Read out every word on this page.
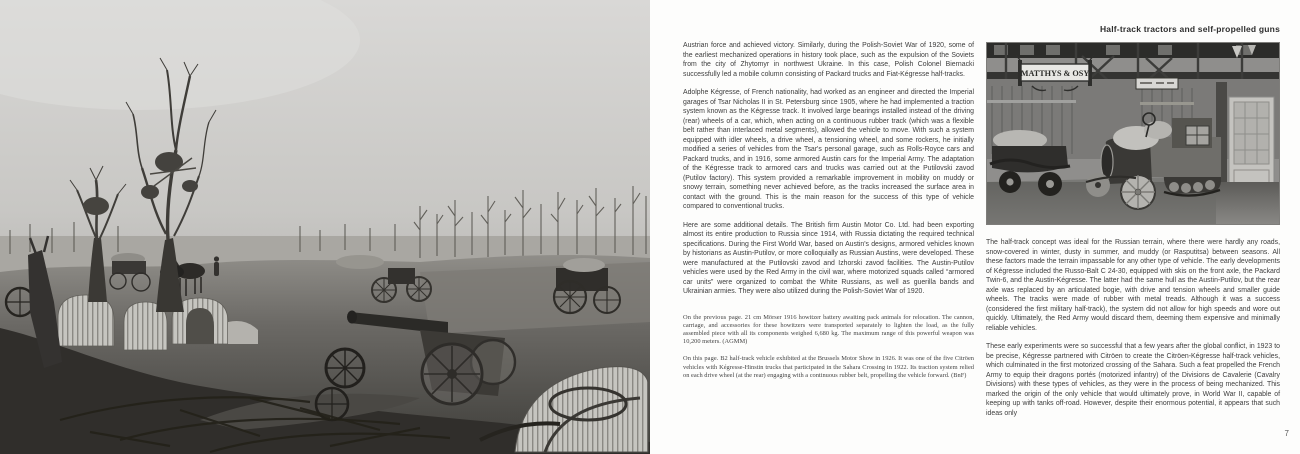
Half-track tractors and self-propelled guns

Austrian force and achieved victory. Similarly, during the Polish-Soviet War of 1920, some of the earliest mechanized operations in history took place, such as the expulsion of the Soviets from the city of Zhytomyr in northwest Ukraine. In this case, Polish Colonel Biernacki successfully led a mobile column consisting of Packard trucks and Fiat-Kégresse half-tracks.

Adolphe Kégresse, of French nationality, had worked as an engineer and directed the Imperial garages of Tsar Nicholas II in St. Petersburg since 1905, where he had implemented a traction system known as the Kégresse track. It involved large bearings installed instead of the driving (rear) wheels of a car, which, when acting on a continuous rubber track (which was a flexible belt rather than interlaced metal segments), allowed the vehicle to move. With such a system equipped with idler wheels, a drive wheel, a tensioning wheel, and some rockers, he initially modified a series of vehicles from the Tsar's personal garage, such as Rolls-Royce cars and Packard trucks, and in 1916, some armored Austin cars for the Imperial Army. The adaptation of the Kégresse track to armored cars and trucks was carried out at the Putilovski zavod (Putilov factory). This system provided a remarkable improvement in mobility on muddy or snowy terrain, something never achieved before, as the tracks increased the surface area in contact with the ground. This is the main reason for the success of this type of vehicle compared to conventional trucks.

Here are some additional details. The British firm Austin Motor Co. Ltd. had been exporting almost its entire production to Russia since 1914, with Russia dictating the required technical specifications. During the First World War, based on Austin's designs, armored vehicles known by historians as Austin-Putilov, or more colloquially as Russian Austins, were developed. These were manufactured at the Putilovski zavod and Izhorski zavod facilities. The Austin-Putilov vehicles were used by the Red Army in the civil war, where motorized squads called “armored car units” were organized to combat the White Russians, as well as guerilla bands and Ukrainian armies. They were also utilized during the Polish-Soviet War of 1920.

On the previous page. 21 cm Mörser 1916 howitzer battery awaiting pack animals for relocation. The cannon, carriage, and accessories for these howitzers were transported separately to lighten the load, as the fully assembled piece with all its components weighed 6,680 kg. The maximum range of this powerful weapon was 10,200 meters. (AGMM)

On this page. B2 half-track vehicle exhibited at the Brussels Motor Show in 1926. It was one of the five Citröen vehicles with Kégresse-Hinstin trucks that participated in the Sahara Crossing in 1922. Its traction system relied on each drive wheel (at the rear) engaging with a continuous rubber belt, propelling the vehicle forward. (BnF)

MATTHYS & OSY

The half-track concept was ideal for the Russian terrain, where there were hardly any roads, snow-covered in winter, dusty in summer, and muddy (or Rasputitsa) between seasons. All these factors made the terrain impassable for any other type of vehicle. The early developments of Kégresse included the Russo-Balt C 24-30, equipped with skis on the front axle, the Packard Twin-6, and the Austin-Kégresse. The latter had the same hull as the Austin-Putilov, but the rear axle was replaced by an articulated bogie, with drive and tension wheels and smaller guide wheels. The tracks were made of rubber with metal treads. Although it was a success (considered the first military half-track), the system did not allow for high speeds and wore out quickly. Ultimately, the Red Army would discard them, deeming them expensive and minimally reliable vehicles.

These early experiments were so successful that a few years after the global conflict, in 1923 to be precise, Kégresse partnered with Citröen to create the Citröen-Kégresse half-track vehicles, which culminated in the first motorized crossing of the Sahara. Such a feat propelled the French Army to equip their dragons portés (motorized infantry) of the Divisions de Cavalerie (Cavalry Divisions) with these types of vehicles, as they were in the process of being mechanized. This marked the origin of the only vehicle that would ultimately prove, in World War II, capable of keeping up with tanks off-road. However, despite their enormous potential, it appears that such ideas only

7
